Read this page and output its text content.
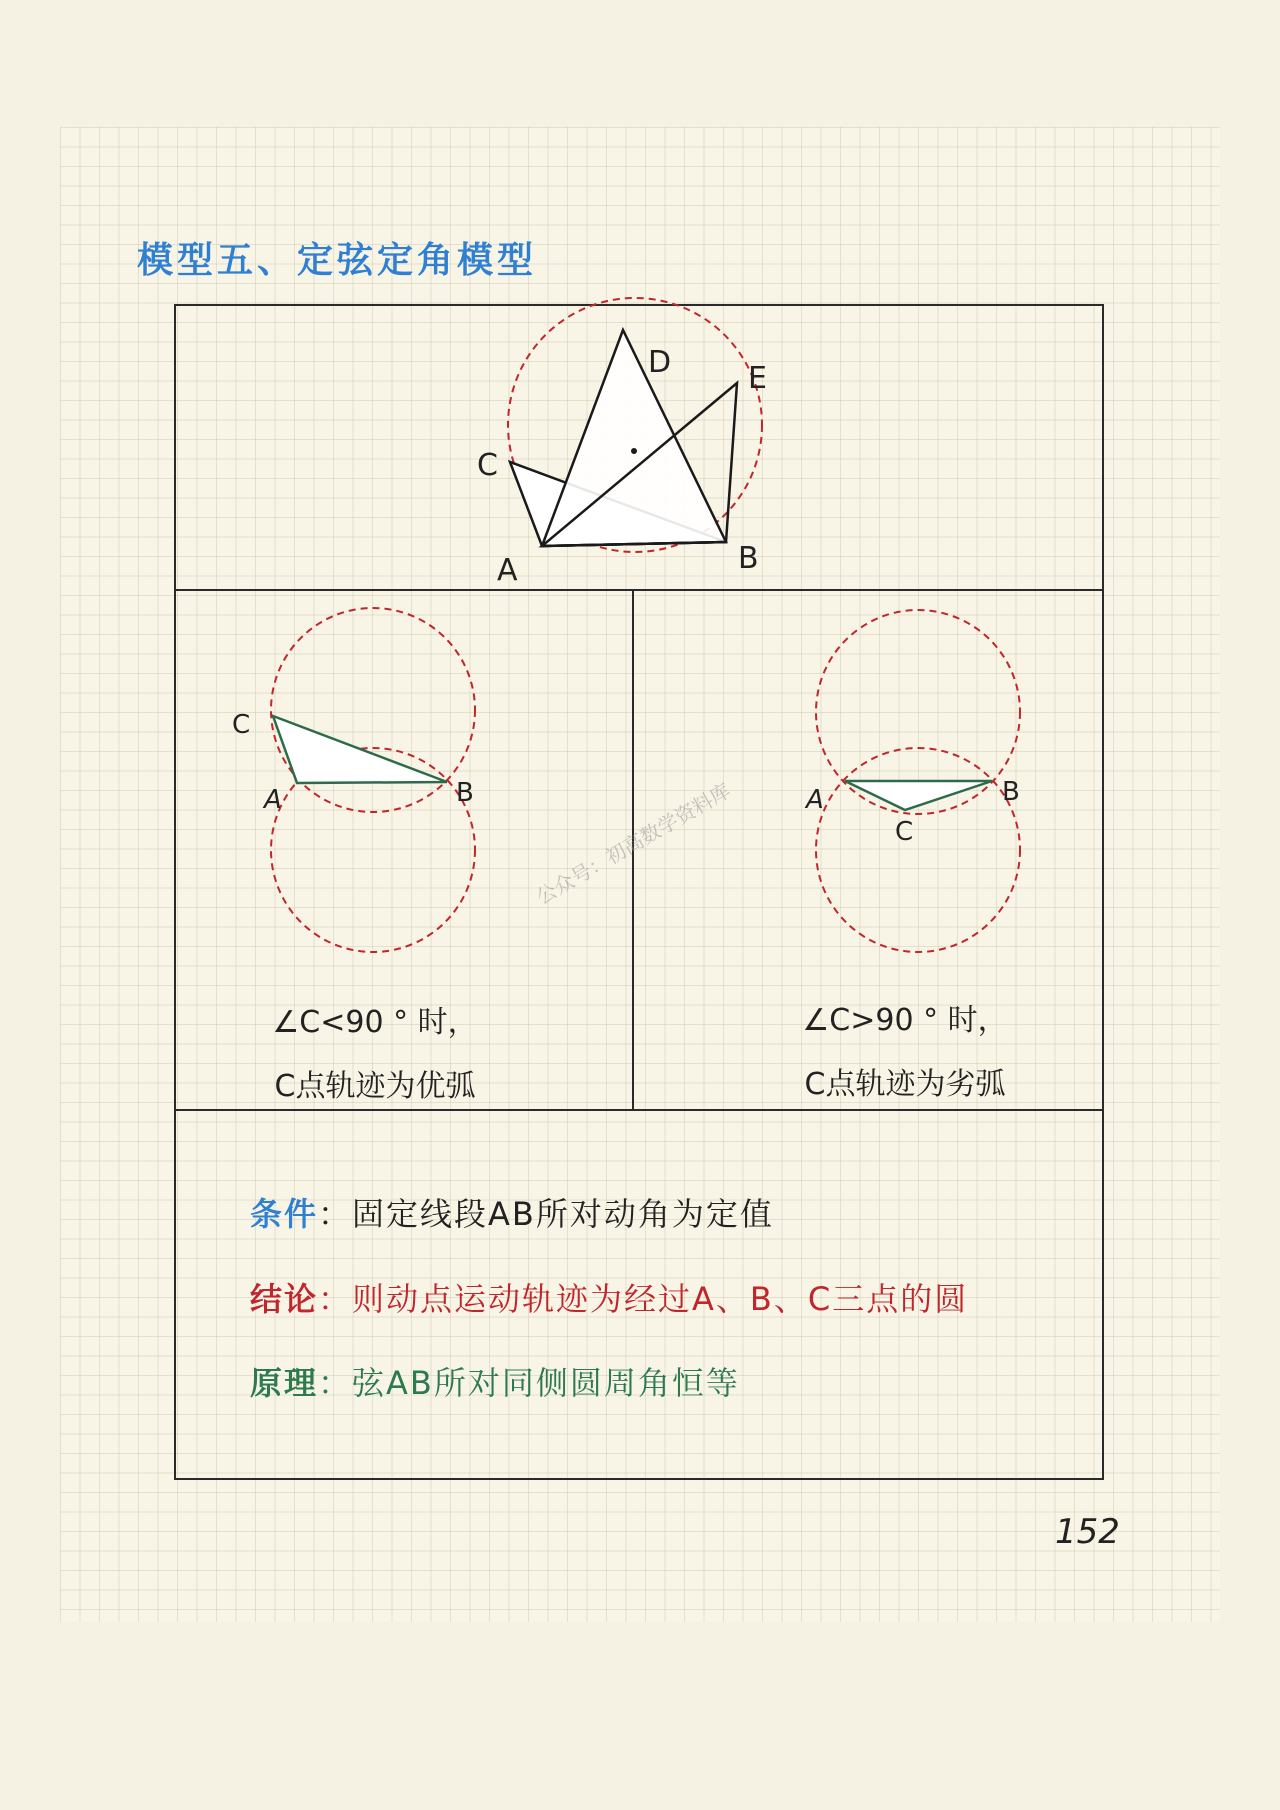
模型五、定弦定角模型
D	E
C
A	B
C
A	B	A	B
C
公众号：初高数学资料库
∠C<90 ° 时，
C点轨迹为优弧
∠C>90 ° 时，
C点轨迹为劣弧
条件：固定线段AB所对动角为定值
结论：则动点运动轨迹为经过A、B、C三点的圆
原理：弦AB所对同侧圆周角恒等
152
